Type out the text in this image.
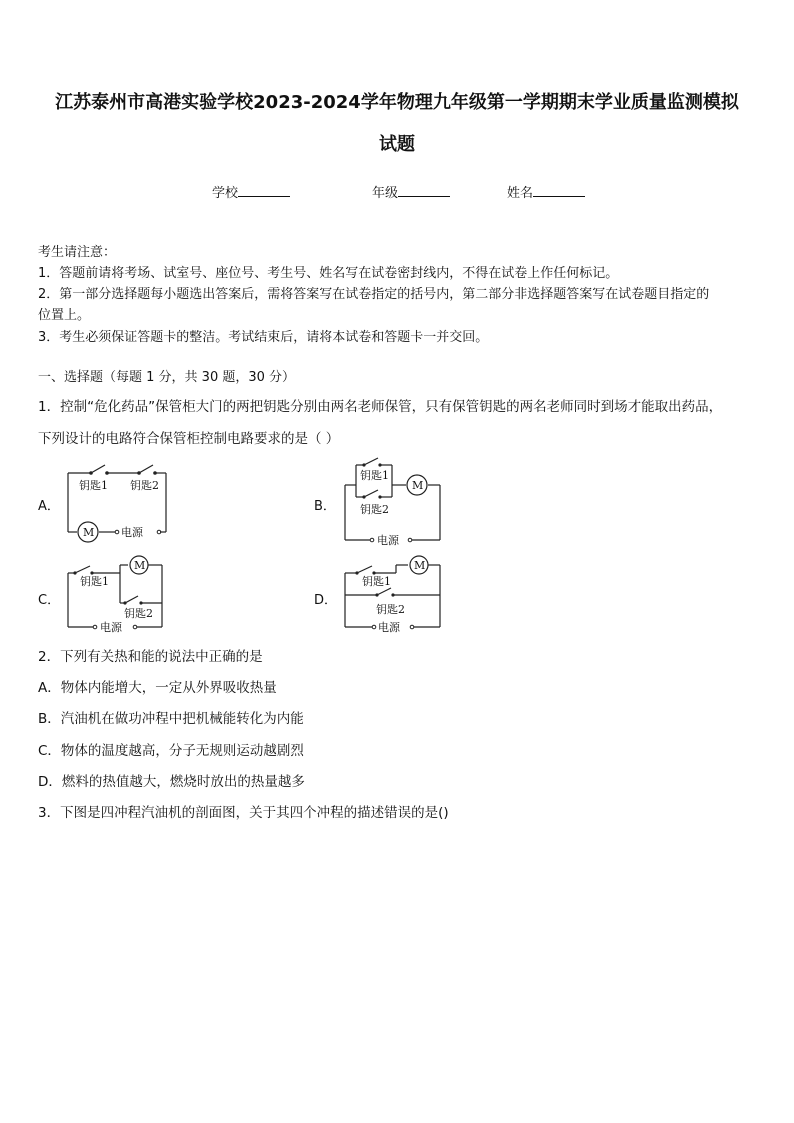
江苏泰州市高港实验学校2023-2024学年物理九年级第一学期期末学业质量监测模拟
试题
学校	年级	姓名
考生请注意：
1．答题前请将考场、试室号、座位号、考生号、姓名写在试卷密封线内，不得在试卷上作任何标记。
2．第一部分选择题每小题选出答案后，需将答案写在试卷指定的括号内，第二部分非选择题答案写在试卷题目指定的
位置上。
3．考生必须保证答题卡的整洁。考试结束后，请将本试卷和答题卡一并交回。
一、选择题（每题 1 分，共 30 题，30 分）
1．控制“危化药品”保管柜大门的两把钥匙分别由两名老师保管，只有保管钥匙的两名老师同时到场才能取出药品，
下列设计的电路符合保管柜控制电路要求的是（ ）
A．	B．
C．	D．
M
钥匙1 钥匙2
电源
钥匙1
钥匙2
M
电源
钥匙1
钥匙2
M
电源
钥匙1
钥匙2
M
电源
2．下列有关热和能的说法中正确的是
A．物体内能增大，一定从外界吸收热量
B．汽油机在做功冲程中把机械能转化为内能
C．物体的温度越高，分子无规则运动越剧烈
D．燃料的热值越大，燃烧时放出的热量越多
3．下图是四冲程汽油机的剖面图，关于其四个冲程的描述错误的是()
